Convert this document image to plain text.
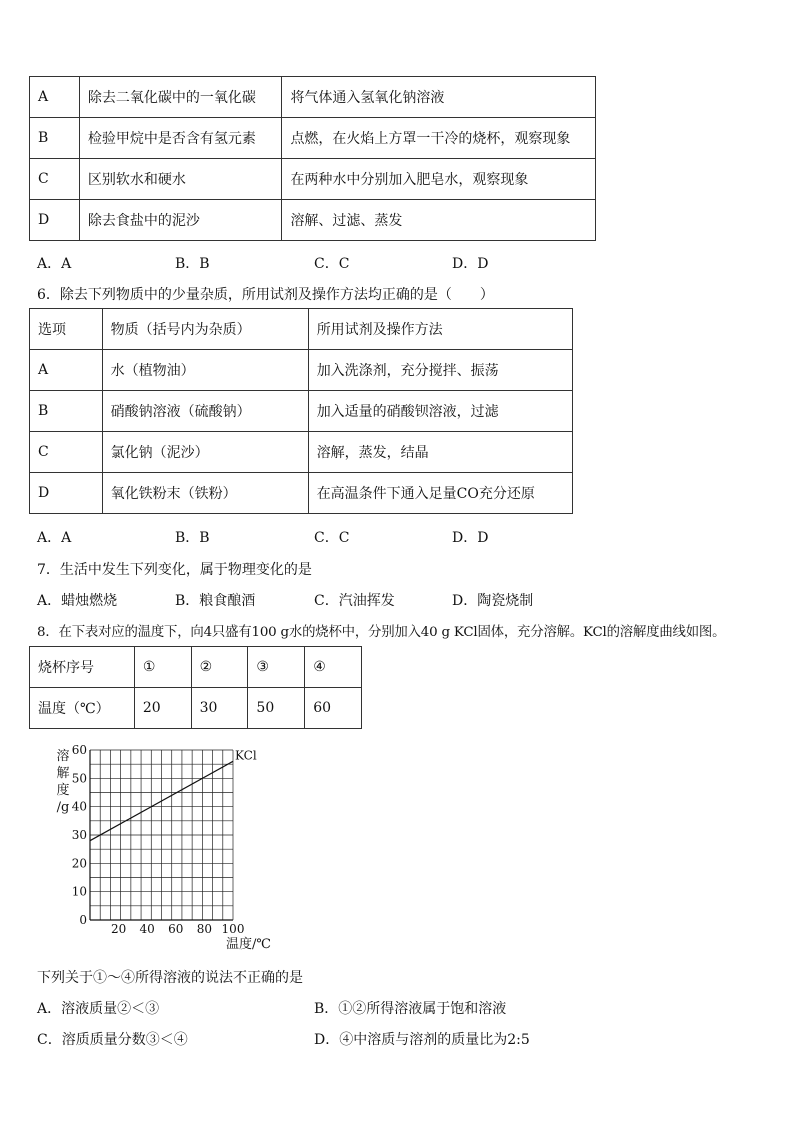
A	除去二氧化碳中的一氧化碳	将气体通入氢氧化钠溶液
B	检验甲烷中是否含有氢元素	点燃，在火焰上方罩一干冷的烧杯，观察现象
C	区别软水和硬水	在两种水中分别加入肥皂水，观察现象
D	除去食盐中的泥沙	溶解、过滤、蒸发
A．A	B．B	C．C	D．D
6．除去下列物质中的少量杂质，所用试剂及操作方法均正确的是（　　）
选项	物质（括号内为杂质）	所用试剂及操作方法
A	水（植物油）	加入洗涤剂，充分搅拌、振荡
B	硝酸钠溶液（硫酸钠）	加入适量的硝酸钡溶液，过滤
C	氯化钠（泥沙）	溶解，蒸发，结晶
D	氧化铁粉末（铁粉）	在高温条件下通入足量CO充分还原
A．A	B．B	C．C	D．D
7．生活中发生下列变化，属于物理变化的是
A．蜡烛燃烧	B．粮食酿酒	C．汽油挥发	D．陶瓷烧制
8．在下表对应的温度下，向4只盛有100 g水的烧杯中，分别加入40 g KCl固体，充分溶解。KCl的溶解度曲线如图。
烧杯序号	①	②	③	④
温度（℃）	20	30	50	60
0
10
20
30
40
50
60
20 40 60 80 100
KCl
溶
解
度
/g
温度/℃
下列关于①～④所得溶液的说法不正确的是
A．溶液质量②＜③	B．①②所得溶液属于饱和溶液
C．溶质质量分数③＜④	D．④中溶质与溶剂的质量比为2:5
